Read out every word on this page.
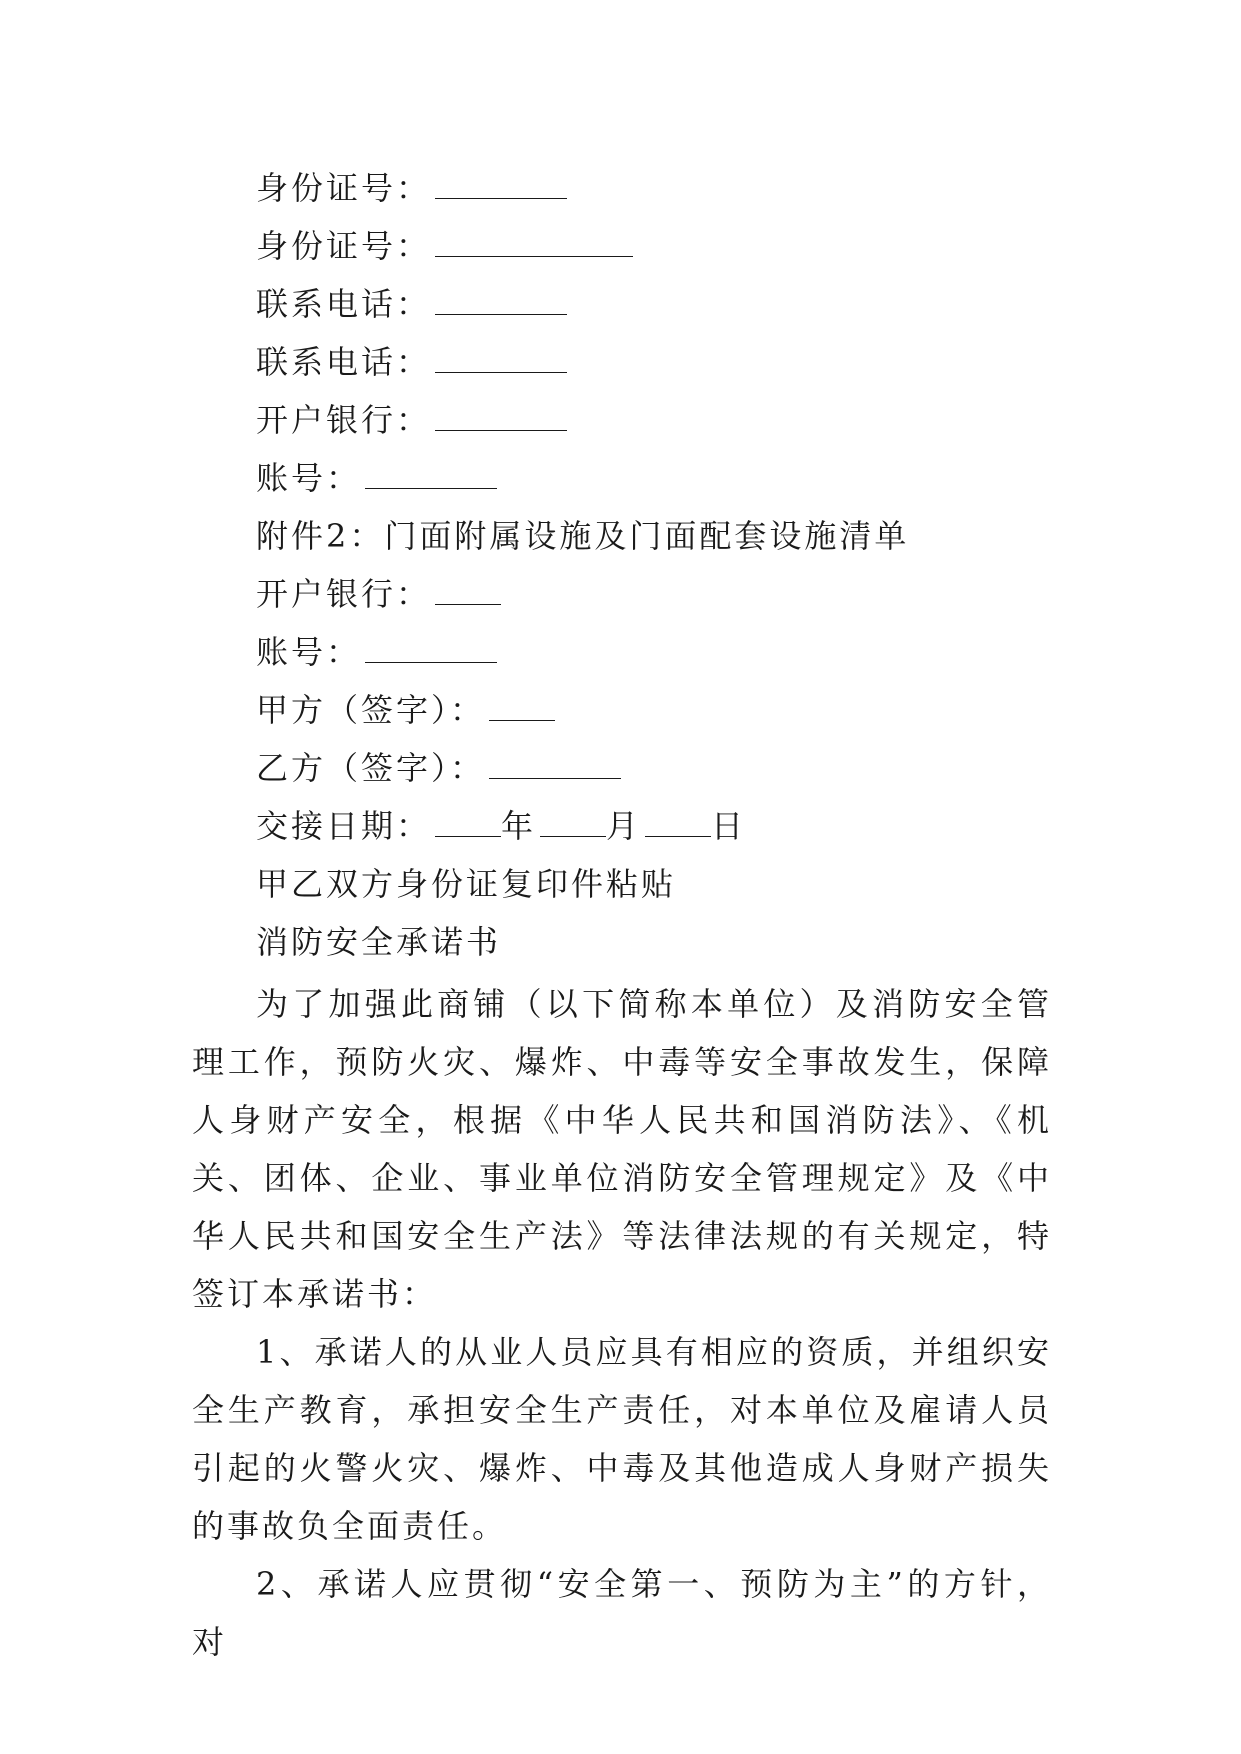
身份证号：
身份证号：
联系电话：
联系电话：
开户银行：
账号：
附件2：门面附属设施及门面配套设施清单
开户银行：
账号：
甲方（签字）：
乙方（签字）：
交接日期： 年 月 日
甲乙双方身份证复印件粘贴
消防安全承诺书
为了加强此商铺（以下简称本单位）及消防安全管理工作，预防火灾、爆炸、中毒等安全事故发生，保障人身财产安全，根据《中华人民共和国消防法》、《机关、团体、企业、事业单位消防安全管理规定》及《中华人民共和国安全生产法》等法律法规的有关规定，特签订本承诺书：
1、承诺人的从业人员应具有相应的资质，并组织安全生产教育，承担安全生产责任，对本单位及雇请人员引起的火警火灾、爆炸、中毒及其他造成人身财产损失的事故负全面责任。
2、承诺人应贯彻“安全第一、预防为主”的方针，对
